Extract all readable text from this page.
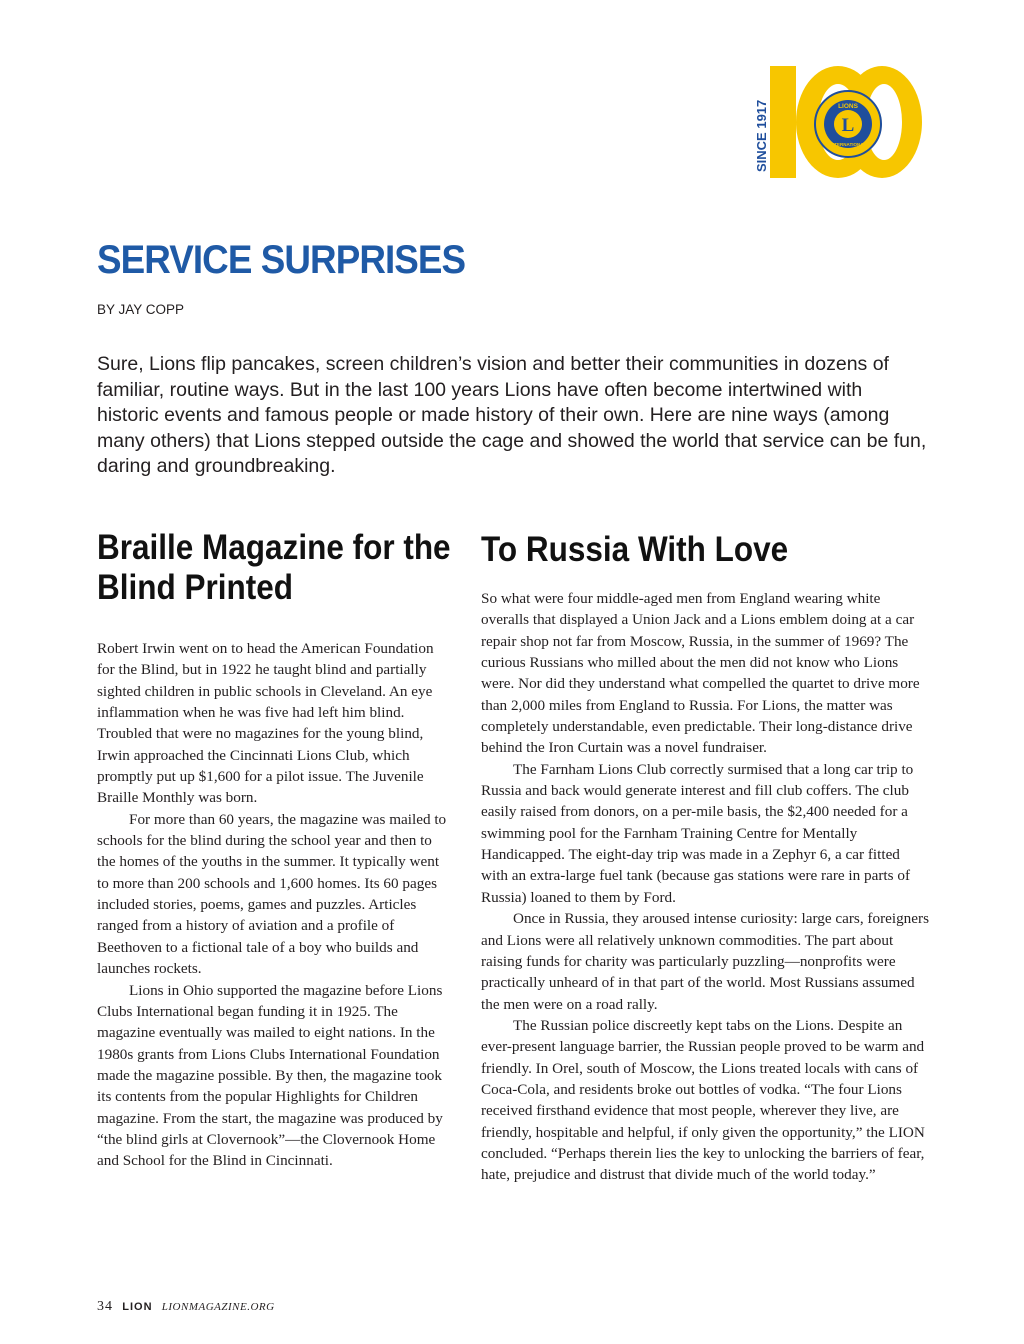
SINCE 1917	L
LIONS
INTERNATIONAL
SERVICE SURPRISES
BY JAY COPP

Sure, Lions flip pancakes, screen children’s vision and better their communities in dozens of familiar, routine ways. But in the last 100 years Lions have often become intertwined with historic events and famous people or made history of their own. Here are nine ways (among many others) that Lions stepped outside the cage and showed the world that service can be fun, daring and groundbreaking.

Braille Magazine for the Blind Printed

Robert Irwin went on to head the American Foundation for the Blind, but in 1922 he taught blind and partially sighted children in public schools in Cleveland. An eye inflammation when he was five had left him blind. Troubled that were no magazines for the young blind, Irwin approached the Cincinnati Lions Club, which promptly put up $1,600 for a pilot issue. The Juvenile Braille Monthly was born.

For more than 60 years, the magazine was mailed to schools for the blind during the school year and then to the homes of the youths in the summer. It typically went to more than 200 schools and 1,600 homes. Its 60 pages included stories, poems, games and puzzles. Articles ranged from a history of aviation and a profile of Beethoven to a fictional tale of a boy who builds and launches rockets.

Lions in Ohio supported the magazine before Lions Clubs International began funding it in 1925. The magazine eventually was mailed to eight nations. In the 1980s grants from Lions Clubs International Foundation made the magazine possible. By then, the magazine took its contents from the popular Highlights for Children magazine. From the start, the magazine was produced by “the blind girls at Clovernook”—the Clovernook Home and School for the Blind in Cincinnati.

To Russia With Love

So what were four middle-aged men from England wearing white overalls that displayed a Union Jack and a Lions emblem doing at a car repair shop not far from Moscow, Russia, in the summer of 1969? The curious Russians who milled about the men did not know who Lions were. Nor did they understand what compelled the quartet to drive more than 2,000 miles from England to Russia. For Lions, the matter was completely understandable, even predictable. Their long-distance drive behind the Iron Curtain was a novel fundraiser.

The Farnham Lions Club correctly surmised that a long car trip to Russia and back would generate interest and fill club coffers. The club easily raised from donors, on a per-mile basis, the $2,400 needed for a swimming pool for the Farnham Training Centre for Mentally Handicapped. The eight-day trip was made in a Zephyr 6, a car fitted with an extra-large fuel tank (because gas stations were rare in parts of Russia) loaned to them by Ford.

Once in Russia, they aroused intense curiosity: large cars, foreigners and Lions were all relatively unknown commodities. The part about raising funds for charity was particularly puzzling—nonprofits were practically unheard of in that part of the world. Most Russians assumed the men were on a road rally.

The Russian police discreetly kept tabs on the Lions. Despite an ever-present language barrier, the Russian people proved to be warm and friendly. In Orel, south of Moscow, the Lions treated locals with cans of Coca-Cola, and residents broke out bottles of vodka. “The four Lions received firsthand evidence that most people, wherever they live, are friendly, hospitable and helpful, if only given the opportunity,” the LION concluded. “Perhaps therein lies the key to unlocking the barriers of fear, hate, prejudice and distrust that divide much of the world today.”

34 LION LIONMAGAZINE.ORG
